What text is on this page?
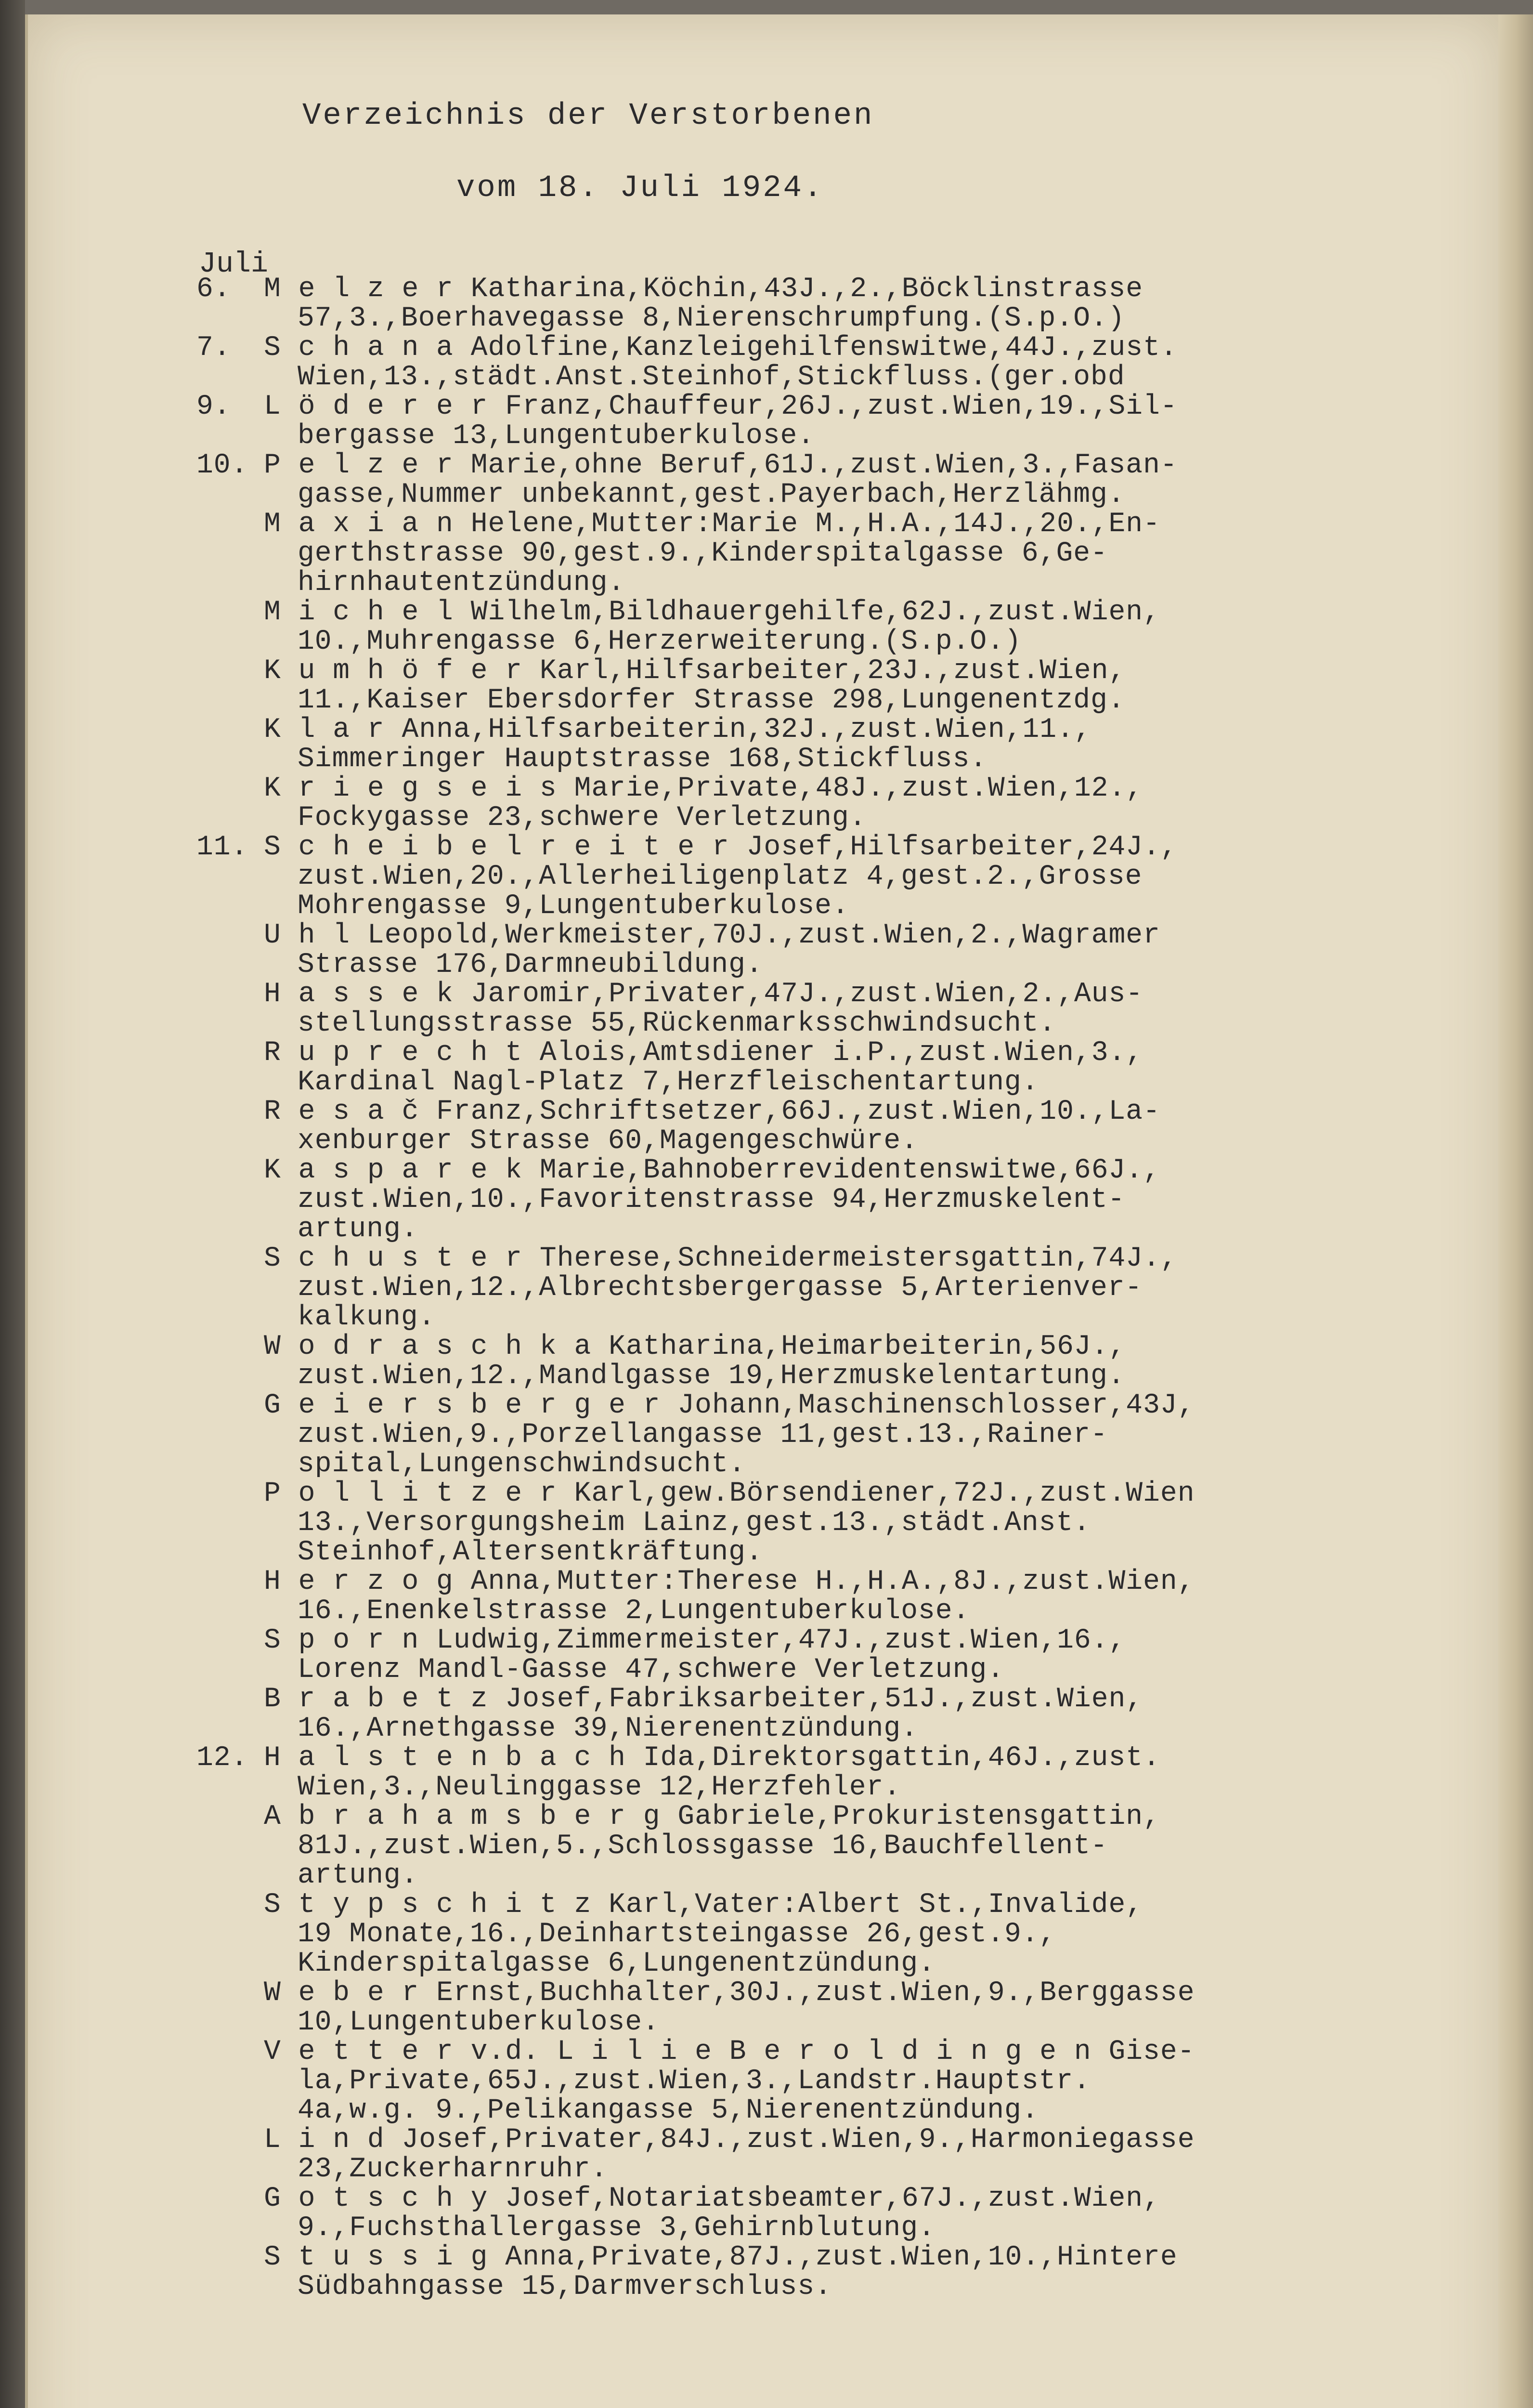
Verzeichnis der Verstorbenen
vom 18. Juli 1924.
Juli
6. M e l z e r Katharina,Köchin,43J.,2.,Böcklinstrasse
57,3.,Boerhavegasse 8,Nierenschrumpfung.(S.p.O.)
7. S c h a n a Adolfine,Kanzleigehilfenswitwe,44J.,zust.
Wien,13.,städt.Anst.Steinhof,Stickfluss.(ger.obd
9. L ö d e r e r Franz,Chauffeur,26J.,zust.Wien,19.,Sil-
bergasse 13,Lungentuberkulose.
10. P e l z e r Marie,ohne Beruf,61J.,zust.Wien,3.,Fasan-
gasse,Nummer unbekannt,gest.Payerbach,Herzlähmg.
M a x i a n Helene,Mutter:Marie M.,H.A.,14J.,20.,En-
gerthstrasse 90,gest.9.,Kinderspitalgasse 6,Ge-
hirnhautentzündung.
M i c h e l Wilhelm,Bildhauergehilfe,62J.,zust.Wien,
10.,Muhrengasse 6,Herzerweiterung.(S.p.O.)
K u m h ö f e r Karl,Hilfsarbeiter,23J.,zust.Wien,
11.,Kaiser Ebersdorfer Strasse 298,Lungenentzdg.
K l a r Anna,Hilfsarbeiterin,32J.,zust.Wien,11.,
Simmeringer Hauptstrasse 168,Stickfluss.
K r i e g s e i s Marie,Private,48J.,zust.Wien,12.,
Fockygasse 23,schwere Verletzung.
11. S c h e i b e l r e i t e r Josef,Hilfsarbeiter,24J.,
zust.Wien,20.,Allerheiligenplatz 4,gest.2.,Grosse
Mohrengasse 9,Lungentuberkulose.
U h l Leopold,Werkmeister,70J.,zust.Wien,2.,Wagramer
Strasse 176,Darmneubildung.
H a s s e k Jaromir,Privater,47J.,zust.Wien,2.,Aus-
stellungsstrasse 55,Rückenmarksschwindsucht.
R u p r e c h t Alois,Amtsdiener i.P.,zust.Wien,3.,
Kardinal Nagl-Platz 7,Herzfleischentartung.
R e s a č Franz,Schriftsetzer,66J.,zust.Wien,10.,La-
xenburger Strasse 60,Magengeschwüre.
K a s p a r e k Marie,Bahnoberrevidentenswitwe,66J.,
zust.Wien,10.,Favoritenstrasse 94,Herzmuskelent-
artung.
S c h u s t e r Therese,Schneidermeistersgattin,74J.,
zust.Wien,12.,Albrechtsbergergasse 5,Arterienver-
kalkung.
W o d r a s c h k a Katharina,Heimarbeiterin,56J.,
zust.Wien,12.,Mandlgasse 19,Herzmuskelentartung.
G e i e r s b e r g e r Johann,Maschinenschlosser,43J,
zust.Wien,9.,Porzellangasse 11,gest.13.,Rainer-
spital,Lungenschwindsucht.
P o l l i t z e r Karl,gew.Börsendiener,72J.,zust.Wien
13.,Versorgungsheim Lainz,gest.13.,städt.Anst.
Steinhof,Altersentkräftung.
H e r z o g Anna,Mutter:Therese H.,H.A.,8J.,zust.Wien,
16.,Enenkelstrasse 2,Lungentuberkulose.
S p o r n Ludwig,Zimmermeister,47J.,zust.Wien,16.,
Lorenz Mandl-Gasse 47,schwere Verletzung.
B r a b e t z Josef,Fabriksarbeiter,51J.,zust.Wien,
16.,Arnethgasse 39,Nierenentzündung.
12. H a l s t e n b a c h Ida,Direktorsgattin,46J.,zust.
Wien,3.,Neulinggasse 12,Herzfehler.
A b r a h a m s b e r g Gabriele,Prokuristensgattin,
81J.,zust.Wien,5.,Schlossgasse 16,Bauchfellent-
artung.
S t y p s c h i t z Karl,Vater:Albert St.,Invalide,
19 Monate,16.,Deinhartsteingasse 26,gest.9.,
Kinderspitalgasse 6,Lungenentzündung.
W e b e r Ernst,Buchhalter,30J.,zust.Wien,9.,Berggasse
10,Lungentuberkulose.
V e t t e r v.d. L i l i e B e r o l d i n g e n Gise-
la,Private,65J.,zust.Wien,3.,Landstr.Hauptstr.
4a,w.g. 9.,Pelikangasse 5,Nierenentzündung.
L i n d Josef,Privater,84J.,zust.Wien,9.,Harmoniegasse
23,Zuckerharnruhr.
G o t s c h y Josef,Notariatsbeamter,67J.,zust.Wien,
9.,Fuchsthallergasse 3,Gehirnblutung.
S t u s s i g Anna,Private,87J.,zust.Wien,10.,Hintere
Südbahngasse 15,Darmverschluss.
